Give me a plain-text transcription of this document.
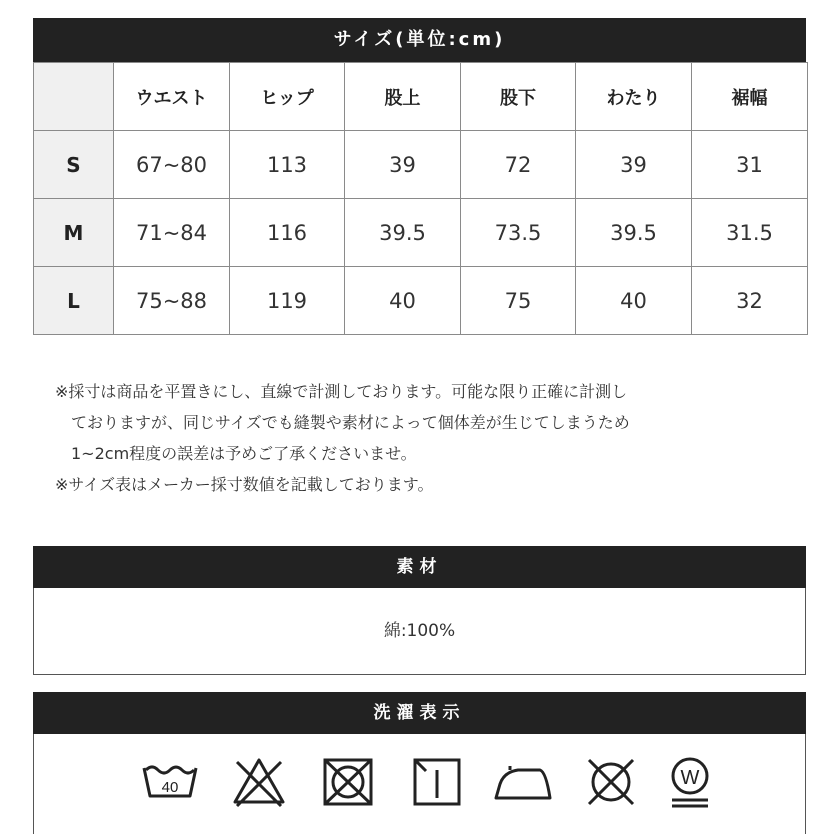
サイズ(単位:cm)
	ウエスト	ヒップ	股上	股下	わたり	裾幅
S	67~80	113	39	72	39	31
M	71~84	116	39.5	73.5	39.5	31.5
L	75~88	119	40	75	40	32

※採寸は商品を平置きにし、直線で計測しております。可能な限り正確に計測し

ておりますが、同じサイズでも縫製や素材によって個体差が生じてしまうため

1~2cm程度の誤差は予めご了承くださいませ。

※サイズ表はメーカー採寸数値を記載しております。

素材
綿:100%
洗濯表示
40	W
